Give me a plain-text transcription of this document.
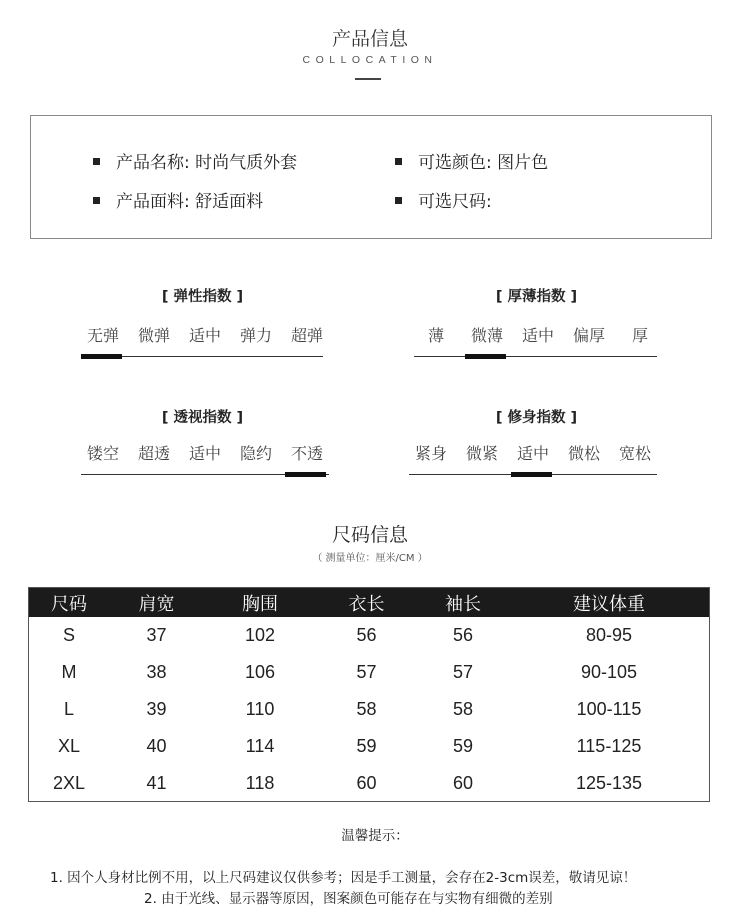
产品信息
COLLOCATION
产品名称: 时尚气质外套	可选颜色: 图片色
产品面料: 舒适面料	可选尺码:
[ 弹性指数 ]	[ 厚薄指数 ]
[ 透视指数 ]	[ 修身指数 ]
无弹	微弹	适中	弹力	超弹	薄	微薄	适中	偏厚	厚
镂空	超透	适中	隐约	不透	紧身	微紧	适中	微松	宽松
尺码信息
（ 测量单位：厘米/CM ）
尺码	肩宽	胸围	衣长	袖长	建议体重
S	37	102	56	56	80-95
M	38	106	57	57	90-105
L	39	110	58	58	100-115
XL	40	114	59	59	115-125
2XL	41	118	60	60	125-135
温馨提示：
1. 因个人身材比例不用，以上尺码建议仅供参考；因是手工测量，会存在2-3cm误差，敬请见谅！
2. 由于光线、显示器等原因，图案颜色可能存在与实物有细微的差别
